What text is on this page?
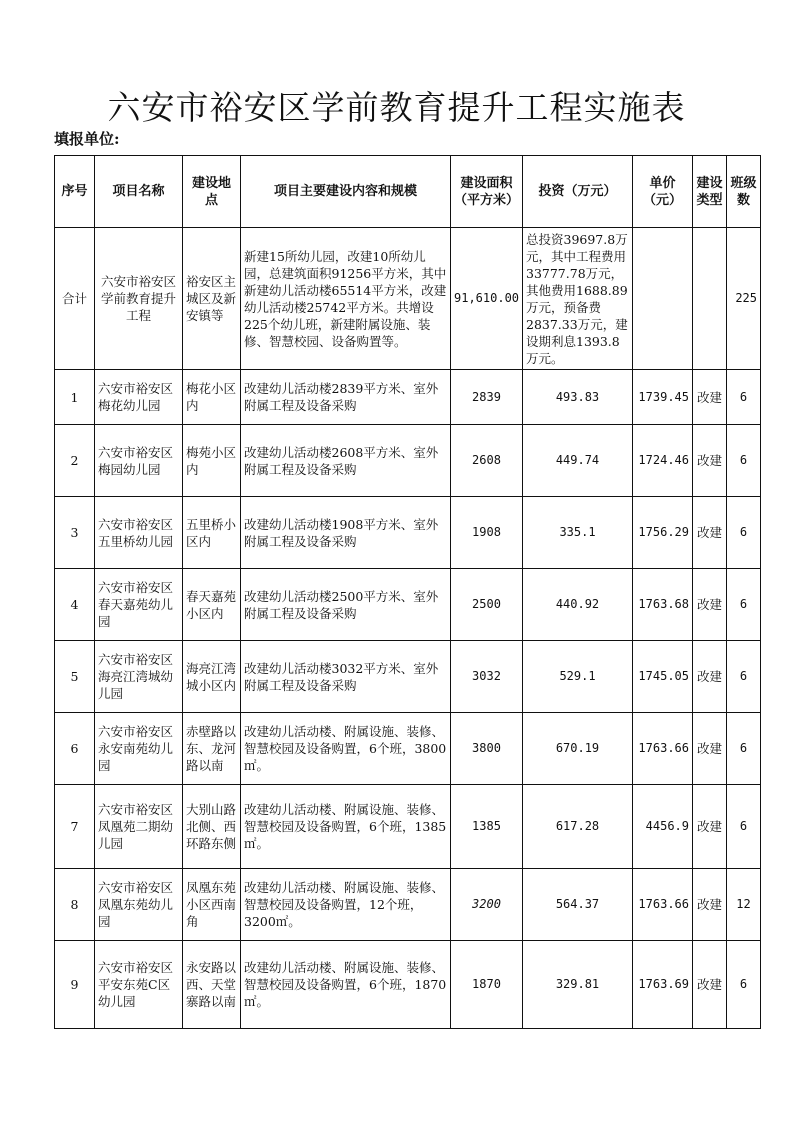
六安市裕安区学前教育提升工程实施表
填报单位:
序号	项目名称	建设地点	项目主要建设内容和规模	建设面积（平方米）	投资（万元）	单价（元）	建设类型	班级数
合计	六安市裕安区学前教育提升工程	裕安区主城区及新安镇等	新建15所幼儿园，改建10所幼儿园，总建筑面积91256平方米，其中新建幼儿活动楼65514平方米，改建幼儿活动楼25742平方米。共增设225个幼儿班，新建附属设施、装修、智慧校园、设备购置等。	91,610.00	总投资39697.8万元，其中工程费用33777.78万元，其他费用1688.89万元，预备费2837.33万元，建设期利息1393.8万元。			225
1	六安市裕安区梅花幼儿园	梅花小区内	改建幼儿活动楼2839平方米、室外附属工程及设备采购	2839	493.83	1739.45	改建	6
2	六安市裕安区梅园幼儿园	梅苑小区内	改建幼儿活动楼2608平方米、室外附属工程及设备采购	2608	449.74	1724.46	改建	6
3	六安市裕安区五里桥幼儿园	五里桥小区内	改建幼儿活动楼1908平方米、室外附属工程及设备采购	1908	335.1	1756.29	改建	6
4	六安市裕安区春天嘉苑幼儿园	春天嘉苑小区内	改建幼儿活动楼2500平方米、室外附属工程及设备采购	2500	440.92	1763.68	改建	6
5	六安市裕安区海亮江湾城幼儿园	海亮江湾城小区内	改建幼儿活动楼3032平方米、室外附属工程及设备采购	3032	529.1	1745.05	改建	6
6	六安市裕安区永安南苑幼儿园	赤壁路以东、龙河路以南	改建幼儿活动楼、附属设施、装修、智慧校园及设备购置，6个班，3800㎡。	3800	670.19	1763.66	改建	6
7	六安市裕安区凤凰苑二期幼儿园	大别山路北侧、西环路东侧	改建幼儿活动楼、附属设施、装修、智慧校园及设备购置，6个班，1385㎡。	1385	617.28	4456.9	改建	6
8	六安市裕安区凤凰东苑幼儿园	凤凰东苑小区西南角	改建幼儿活动楼、附属设施、装修、智慧校园及设备购置，12个班，3200㎡。	3200	564.37	1763.66	改建	12
9	六安市裕安区平安东苑C区幼儿园	永安路以西、天堂寨路以南	改建幼儿活动楼、附属设施、装修、智慧校园及设备购置，6个班，1870㎡。	1870	329.81	1763.69	改建	6
